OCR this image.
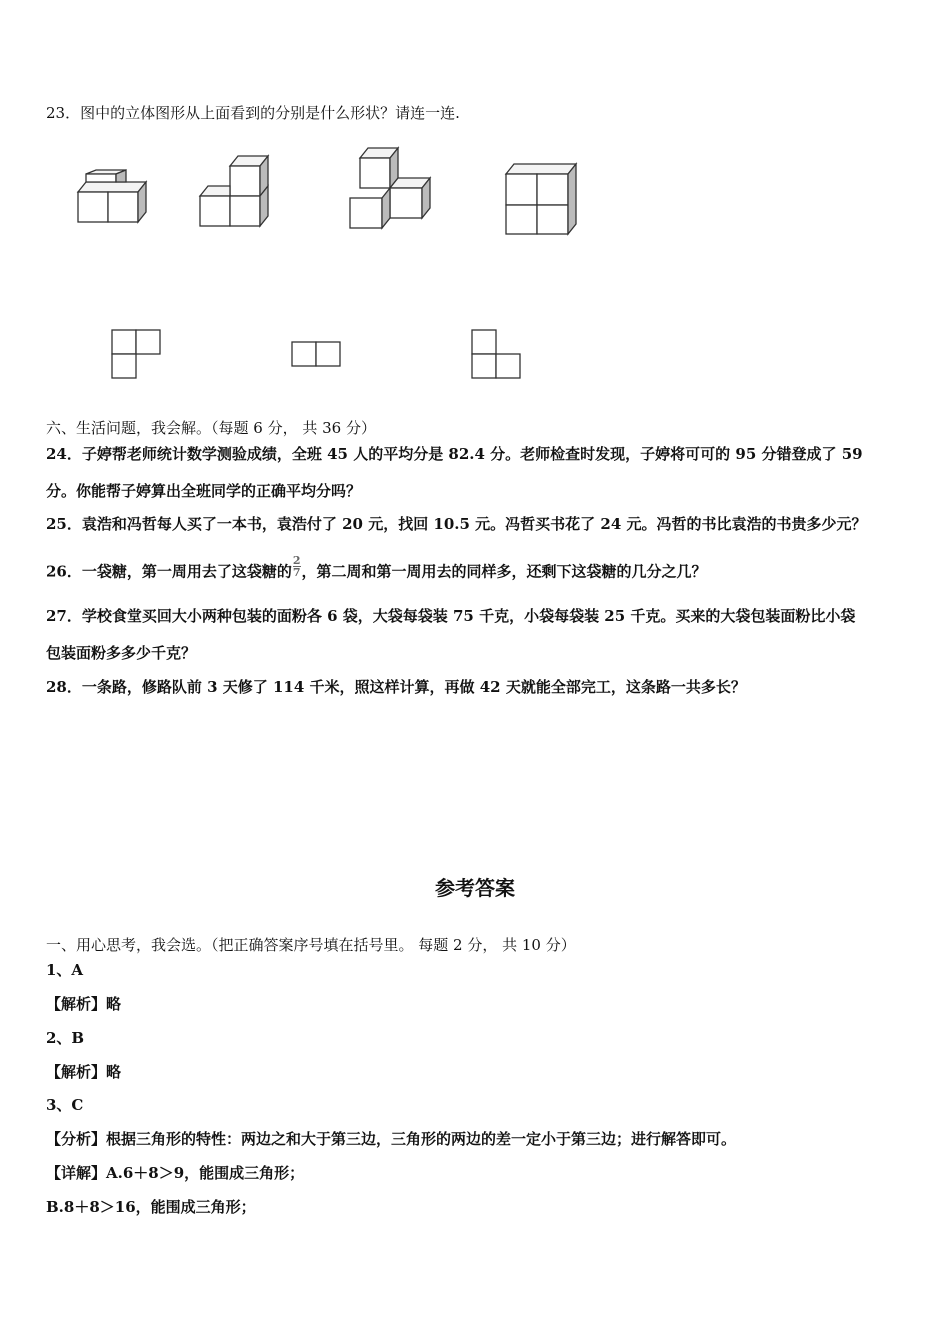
23．图中的立体图形从上面看到的分别是什么形状？请连一连.
六、生活问题，我会解。（每题 6 分， 共 36 分）
24．子婷帮老师统计数学测验成绩，全班 45 人的平均分是 82.4 分。老师检查时发现，子婷将可可的 95 分错登成了 59
分。你能帮子婷算出全班同学的正确平均分吗？
25．袁浩和冯哲每人买了一本书，袁浩付了 20 元，找回 10.5 元。冯哲买书花了 24 元。冯哲的书比袁浩的书贵多少元？
26．一袋糖，第一周用去了这袋糖的 $\frac{2}{7}$ ，第二周和第一周用去的同样多，还剩下这袋糖的几分之几？
27．学校食堂买回大小两种包装的面粉各 6 袋，大袋每袋装 75 千克，小袋每袋装 25 千克。买来的大袋包装面粉比小袋
包装面粉多多少千克？
28．一条路，修路队前 3 天修了 114 千米，照这样计算，再做 42 天就能全部完工，这条路一共多长？
参考答案
一、用心思考，我会选。（把正确答案序号填在括号里。 每题 2 分， 共 10 分）
1、A
【解析】略
2、B
【解析】略
3、C
【分析】根据三角形的特性：两边之和大于第三边，三角形的两边的差一定小于第三边；进行解答即可。
【详解】A.6＋8＞9，能围成三角形；
B.8＋8＞16，能围成三角形；
